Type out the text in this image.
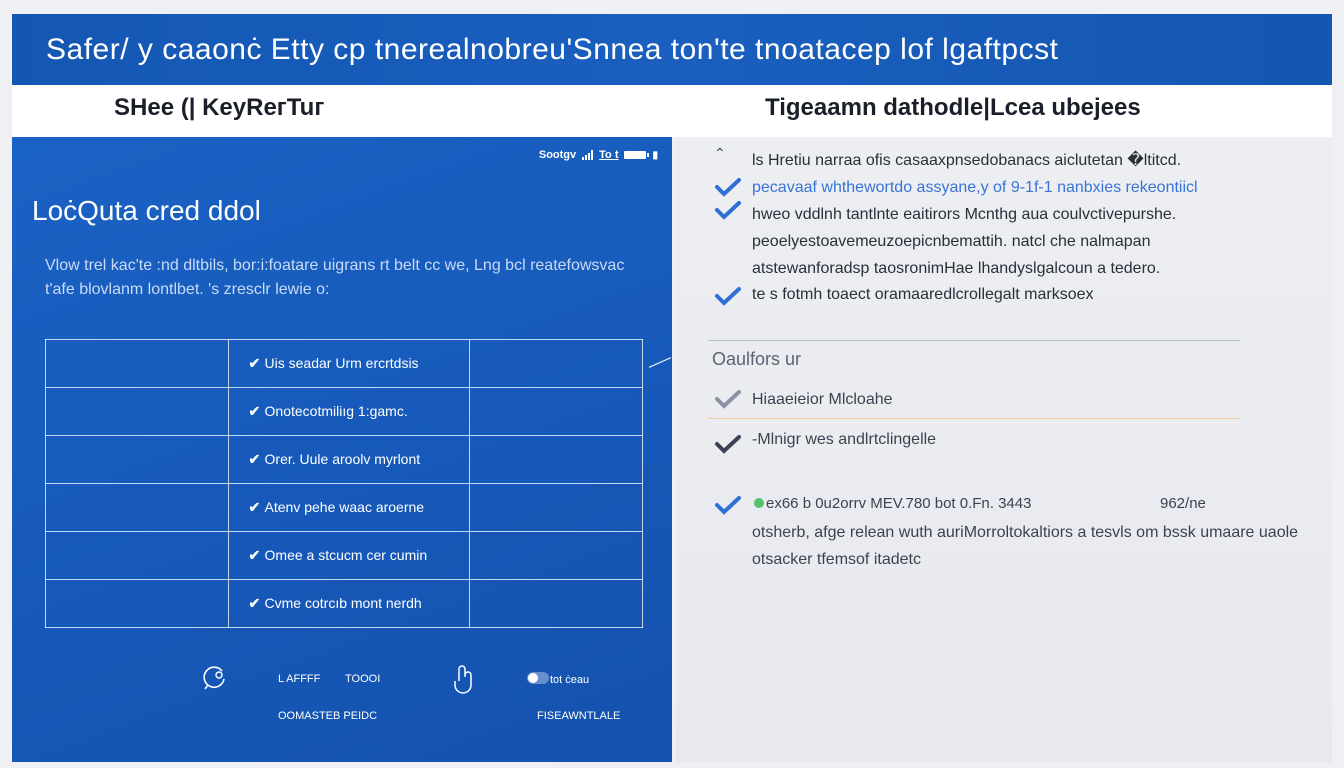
Safer/ y caaonċ Etty cp tnerealnobreu'Snnea ton'te tnoatacep lof lgaftpcst
SHee (| KeyReгTuг	Tigeaamn dathodle|Lcea ubejees
Sootgv To t	▮
LoċQuta cred ddol
Vlow trel kac'te :nd dltbils, bor:i:foatare uigrans rt belt cc we, Lng bcl reatefowsvac t'afe blovlanm lontlbet. 's zresclr lewie o:
	✔ Uis seadar Urm ercrtdsis	
	✔ Onotecotmiliıg 1:gamc.	
	✔ Orer. Uule aroolv myrlont	
	✔ Atenv pehe waac aroerne	
	✔ Omee a stcucm cer cumin	
	✔ Cvme cotrcıb mont nerdh	
L AFFFF TOOOI	tot ċeau
OOMASTEB PEIDC	FISEAWNTLALE
⌃ ls Hretiu narraa ofis casaaxpnsedobanacs aiclutetan �ltitcd.
pecavaaf whthewortdo assyane,y of 9-1f-1 nanbxies rekeontiicl
hweo vddlnh tantlnte eaitirors Mcnthg aua coulvctivepurshe.
peoelyestoavemeuzoepicnbemattih. natcl che nalmapan
atstewanforadsp taosronimHae lhandyslgalcoun a tedero.
te s fotmh toaect oramaaredlcrollegalt marksoex
Oaulfors ur
Hiaaeieior Mlcloahe
-Mlnigr wes andlrtclingelle
ex66 b 0u2orrv MEV.780 bot 0.Fn. 3443	962/ne
otsherb, afge relean wuth auriMorroltokaltiors a tesvls om bssk umaare uaole otsacker tfemsof itadetc
